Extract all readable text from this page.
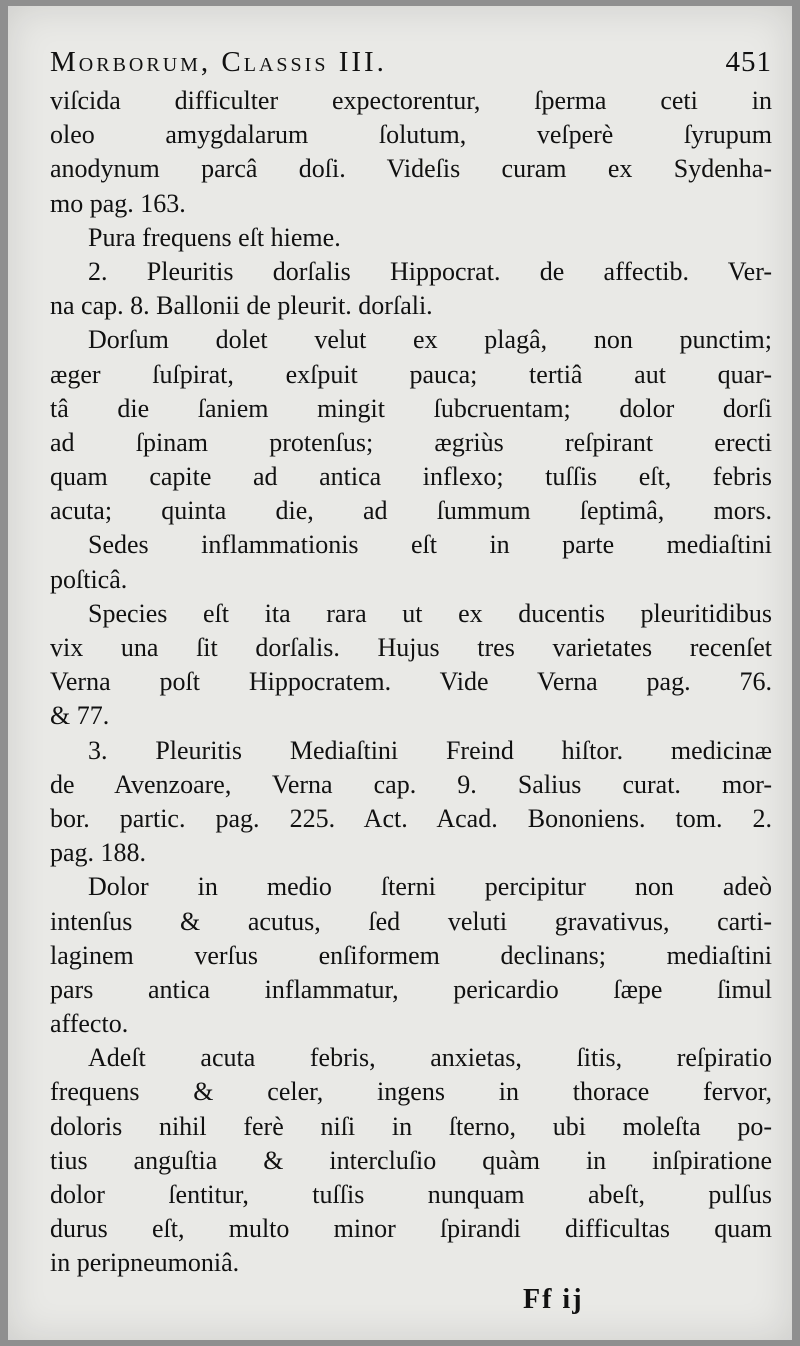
Morborum, Classis III.	451
viſcida difficulter expectorentur, ſperma ceti in
oleo amygdalarum ſolutum, veſperè ſyrupum
anodynum parcâ doſi. Videſis curam ex Sydenha-
mo pag. 163.
Pura frequens eſt hieme.
2. Pleuritis dorſalis Hippocrat. de affectib. Ver-
na cap. 8. Ballonii de pleurit. dorſali.
Dorſum dolet velut ex plagâ, non punctim;
æger ſuſpirat, exſpuit pauca; tertiâ aut quar-
tâ die ſaniem mingit ſubcruentam; dolor dorſi
ad ſpinam protenſus; ægriùs reſpirant erecti
quam capite ad antica inflexo; tuſſis eſt, febris
acuta; quinta die, ad ſummum ſeptimâ, mors.
Sedes inflammationis eſt in parte mediaſtini
poſticâ.
Species eſt ita rara ut ex ducentis pleuritidibus
vix una ſit dorſalis. Hujus tres varietates recenſet
Verna poſt Hippocratem. Vide Verna pag. 76.
& 77.
3. Pleuritis Mediaſtini Freind hiſtor. medicinæ
de Avenzoare, Verna cap. 9. Salius curat. mor-
bor. partic. pag. 225. Act. Acad. Bononiens. tom. 2.
pag. 188.
Dolor in medio ſterni percipitur non adeò
intenſus & acutus, ſed veluti gravativus, carti-
laginem verſus enſiformem declinans; mediaſtini
pars antica inflammatur, pericardio ſæpe ſimul
affecto.
Adeſt acuta febris, anxietas, ſitis, reſpiratio
frequens & celer, ingens in thorace fervor,
doloris nihil ferè niſi in ſterno, ubi moleſta po-
tius anguſtia & intercluſio quàm in inſpiratione
dolor ſentitur, tuſſis nunquam abeſt, pulſus
durus eſt, multo minor ſpirandi difficultas quam
in peripneumoniâ.
Ff ij
